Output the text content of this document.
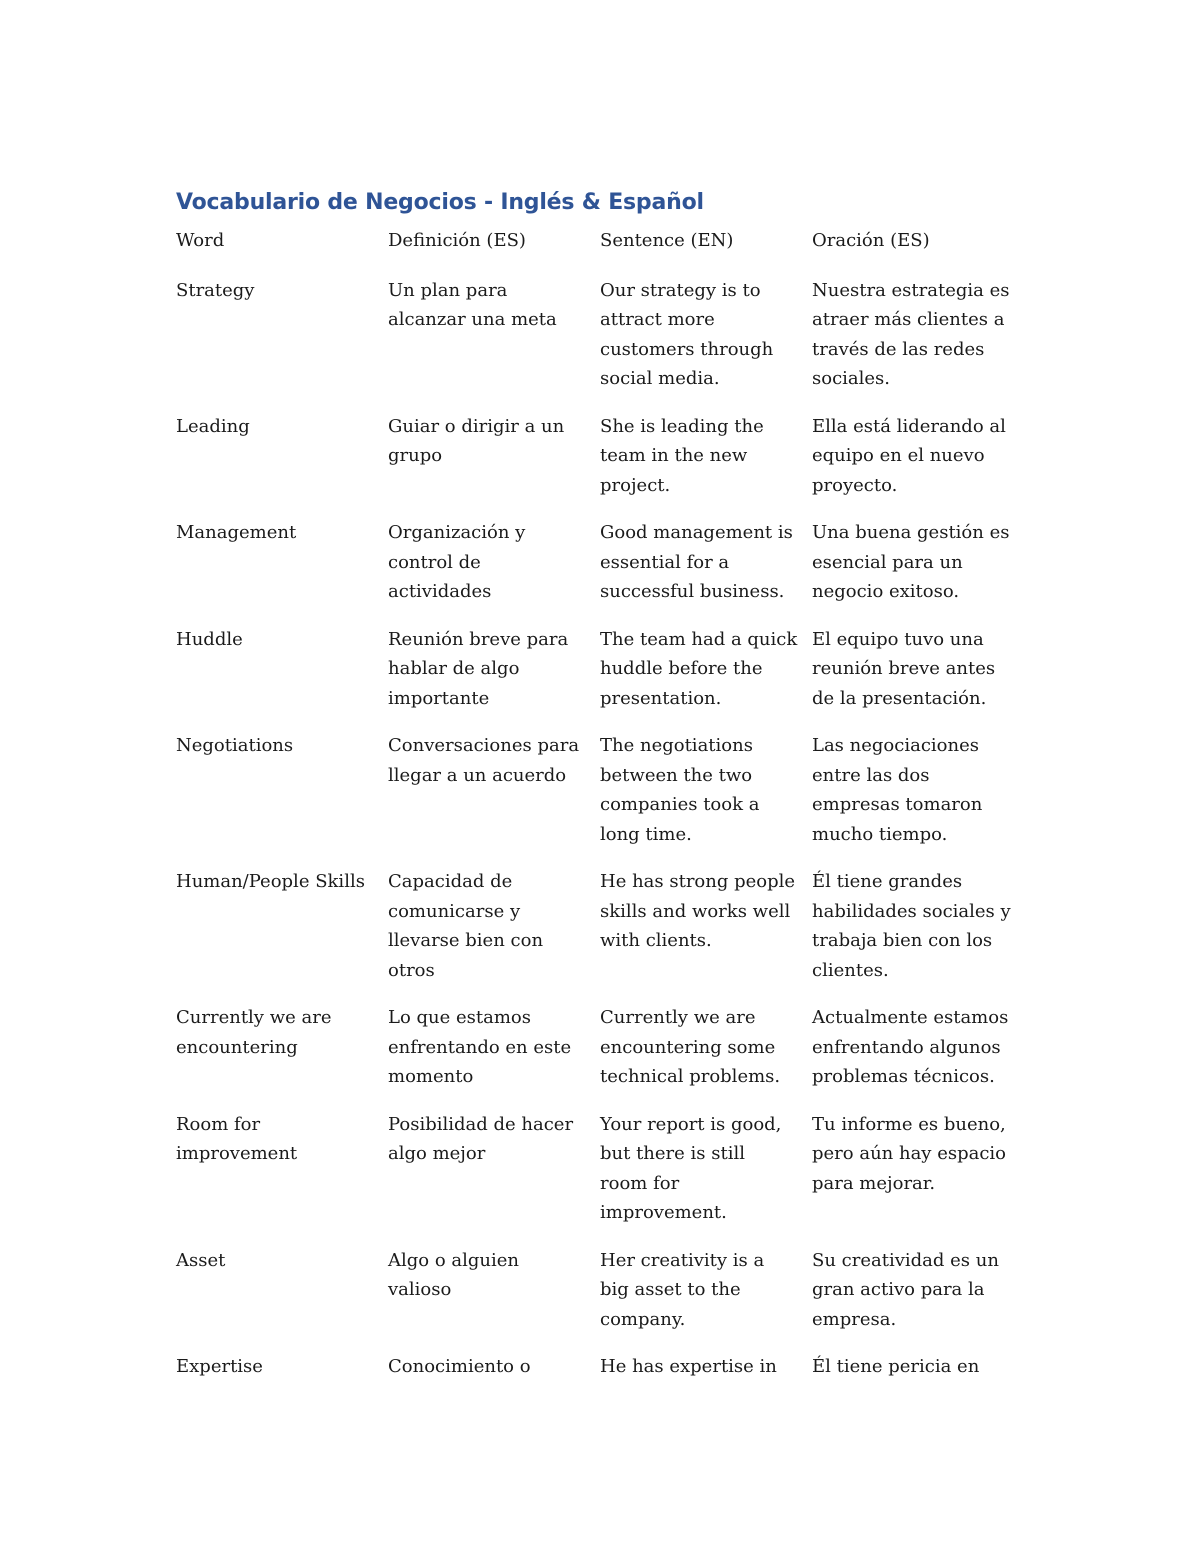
Vocabulario de Negocios - Inglés & Español
Word	Definición (ES)	Sentence (EN)	Oración (ES)
Strategy	Un plan para alcanzar una meta	Our strategy is to attract more customers through social media.	Nuestra estrategia es atraer más clientes a través de las redes sociales.
Leading	Guiar o dirigir a un grupo	She is leading the team in the new project.	Ella está liderando al equipo en el nuevo proyecto.
Management	Organización y control de actividades	Good management is essential for a successful business.	Una buena gestión es esencial para un negocio exitoso.
Huddle	Reunión breve para hablar de algo importante	The team had a quick huddle before the presentation.	El equipo tuvo una reunión breve antes de la presentación.
Negotiations	Conversaciones para llegar a un acuerdo	The negotiations between the two companies took a long time.	Las negociaciones entre las dos empresas tomaron mucho tiempo.
Human/People Skills	Capacidad de comunicarse y llevarse bien con otros	He has strong people skills and works well with clients.	Él tiene grandes habilidades sociales y trabaja bien con los clientes.
Currently we are encountering	Lo que estamos enfrentando en este momento	Currently we are encountering some technical problems.	Actualmente estamos enfrentando algunos problemas técnicos.
Room for improvement	Posibilidad de hacer algo mejor	Your report is good, but there is still room for improvement.	Tu informe es bueno, pero aún hay espacio para mejorar.
Asset	Algo o alguien valioso	Her creativity is a big asset to the company.	Su creatividad es un gran activo para la empresa.
Expertise	Conocimiento o	He has expertise in	Él tiene pericia en
